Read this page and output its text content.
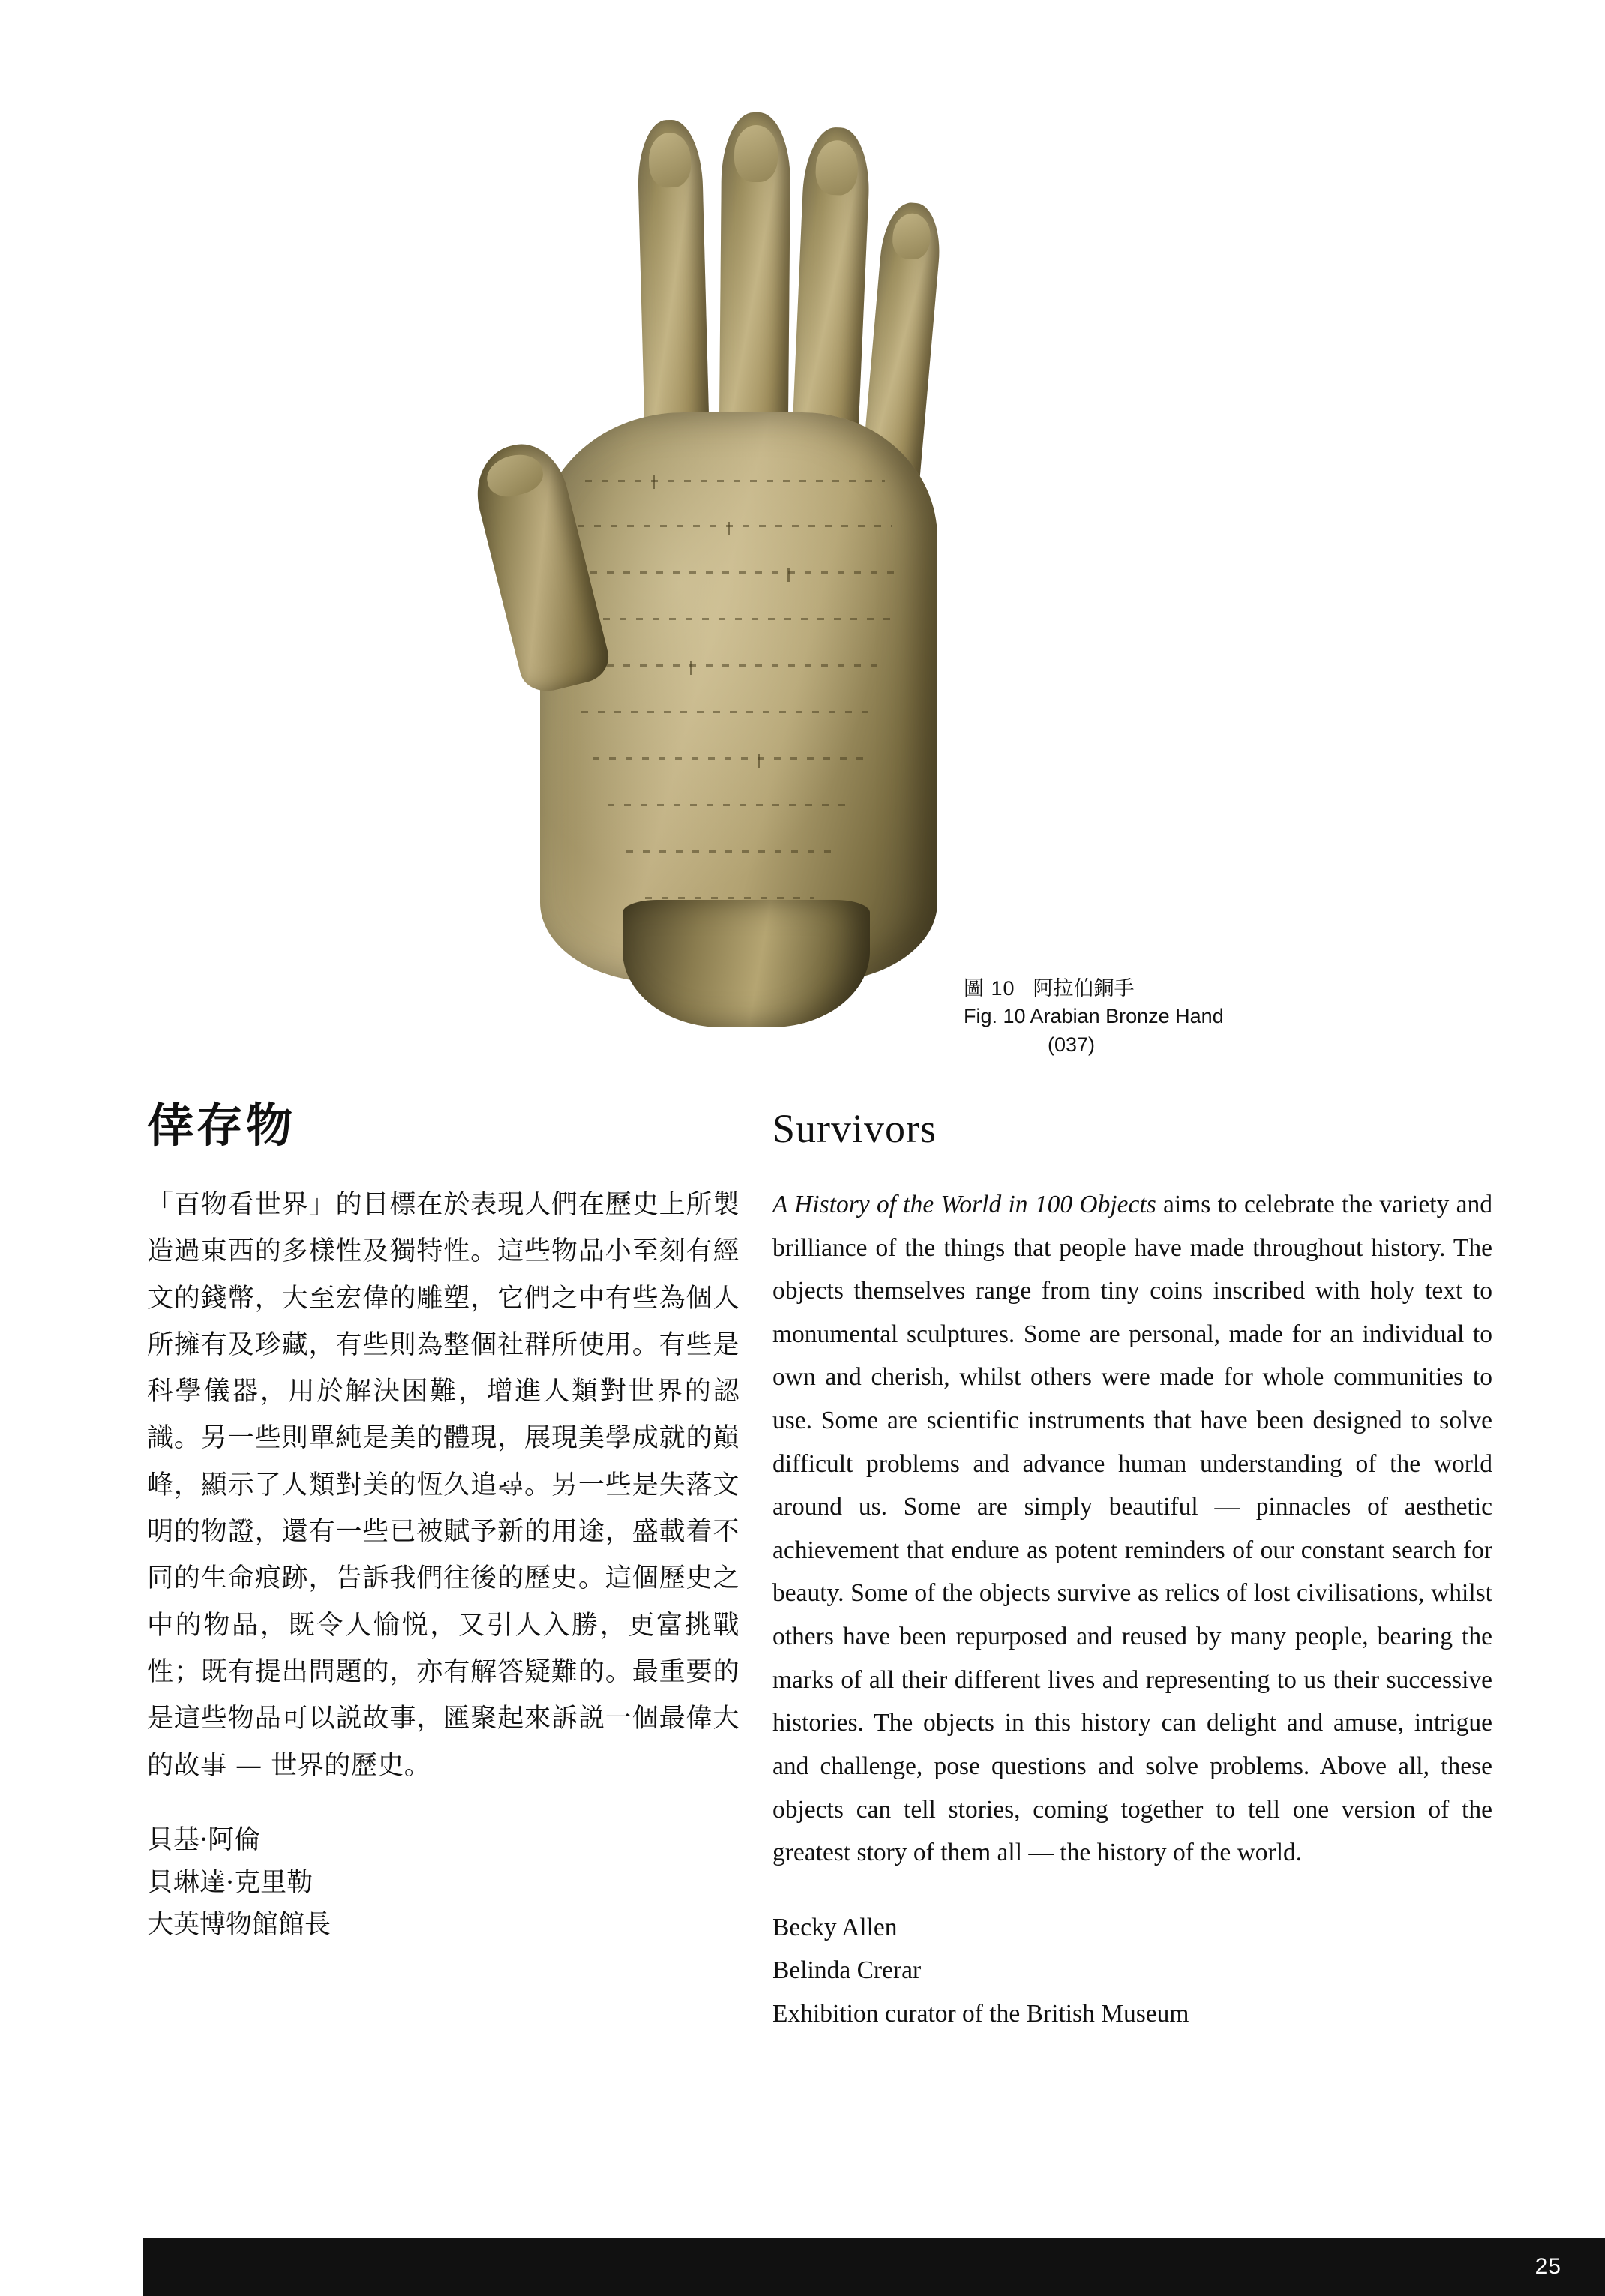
圖 10 阿拉伯銅手
Fig. 10 Arabian Bronze Hand
(037)
倖存物

「百物看世界」的目標在於表現人們在歷史上所製造過東西的多樣性及獨特性。這些物品小至刻有經文的錢幣，大至宏偉的雕塑，它們之中有些為個人所擁有及珍藏，有些則為整個社群所使用。有些是科學儀器，用於解決困難，增進人類對世界的認識。另一些則單純是美的體現，展現美學成就的巔峰，顯示了人類對美的恆久追尋。另一些是失落文明的物證，還有一些已被賦予新的用途，盛載着不同的生命痕跡，告訴我們往後的歷史。這個歷史之中的物品，既令人愉悦，又引人入勝，更富挑戰性；既有提出問題的，亦有解答疑難的。最重要的是這些物品可以説故事，匯聚起來訴説一個最偉大的故事 — 世界的歷史。

貝基·阿倫
貝琳達·克里勒
大英博物館館長
Survivors

A History of the World in 100 Objects aims to celebrate the variety and brilliance of the things that people have made throughout history. The objects themselves range from tiny coins inscribed with holy text to monumental sculptures. Some are personal, made for an individual to own and cherish, whilst others were made for whole communities to use. Some are scientific instruments that have been designed to solve difficult problems and advance human understanding of the world around us. Some are simply beautiful — pinnacles of aesthetic achievement that endure as potent reminders of our constant search for beauty. Some of the objects survive as relics of lost civilisations, whilst others have been repurposed and reused by many people, bearing the marks of all their different lives and representing to us their successive histories. The objects in this history can delight and amuse, intrigue and challenge, pose questions and solve problems. Above all, these objects can tell stories, coming together to tell one version of the greatest story of them all — the history of the world.

Becky Allen
Belinda Crerar
Exhibition curator of the British Museum
25
